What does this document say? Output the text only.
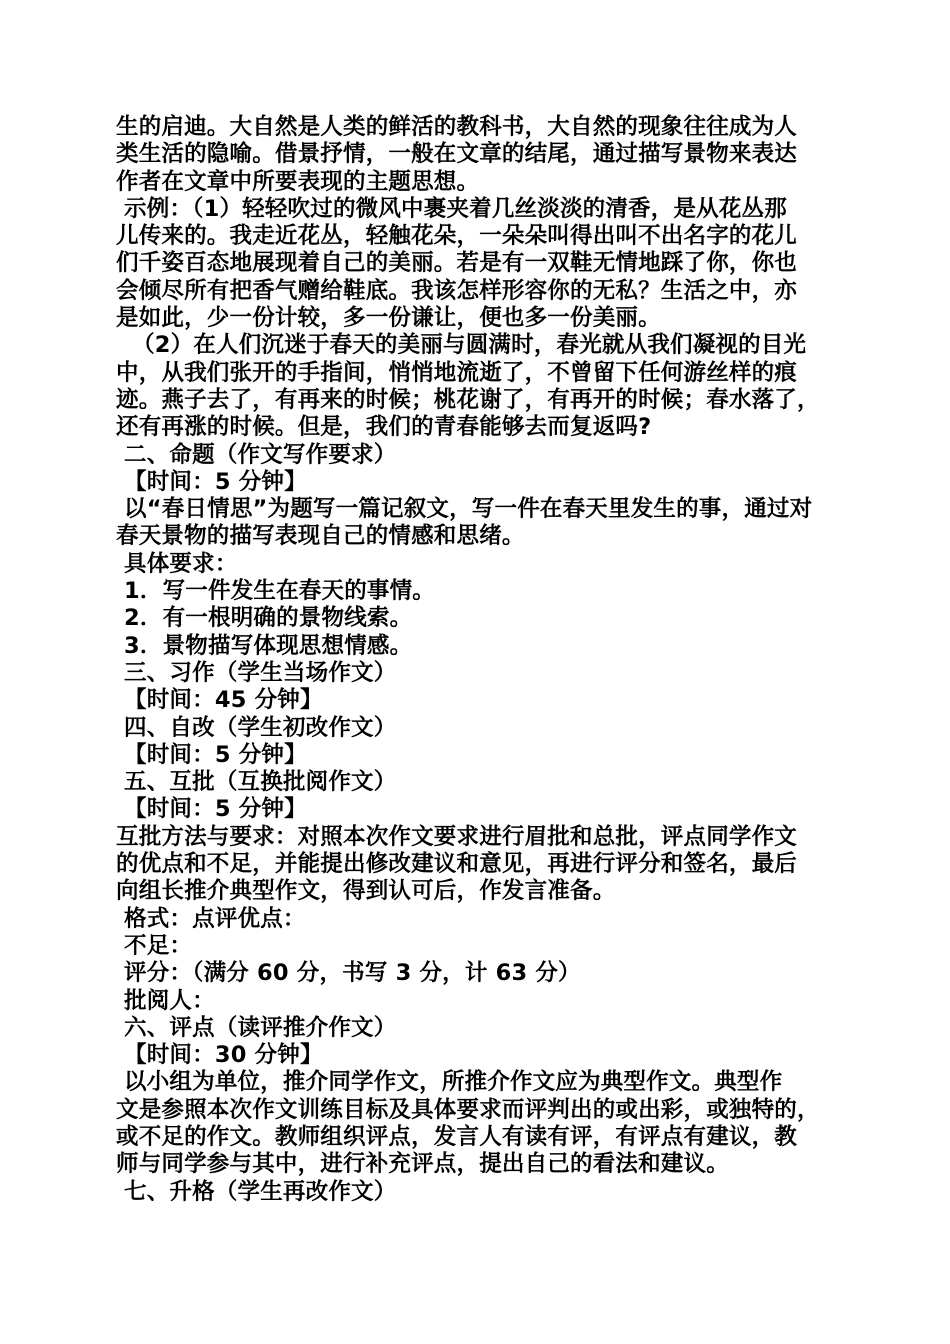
生的启迪。大自然是人类的鲜活的教科书，大自然的现象往往成为人
类生活的隐喻。借景抒情，一般在文章的结尾，通过描写景物来表达
作者在文章中所要表现的主题思想。
示例：（1）轻轻吹过的微风中裹夹着几丝淡淡的清香，是从花丛那
儿传来的。我走近花丛，轻触花朵，一朵朵叫得出叫不出名字的花儿
们千姿百态地展现着自己的美丽。若是有一双鞋无情地踩了你，你也
会倾尽所有把香气赠给鞋底。我该怎样形容你的无私？生活之中，亦
是如此，少一份计较，多一份谦让，便也多一份美丽。
（2）在人们沉迷于春天的美丽与圆满时，春光就从我们凝视的目光
中，从我们张开的手指间，悄悄地流逝了，不曾留下任何游丝样的痕
迹。燕子去了，有再来的时候；桃花谢了，有再开的时候；春水落了，
还有再涨的时候。但是，我们的青春能够去而复返吗?
二、命题（作文写作要求）
【时间：5 分钟】
以“春日情思”为题写一篇记叙文，写一件在春天里发生的事，通过对
春天景物的描写表现自己的情感和思绪。
具体要求：
1．写一件发生在春天的事情。
2．有一根明确的景物线索。
3．景物描写体现思想情感。
三、习作（学生当场作文）
【时间：45 分钟】
四、自改（学生初改作文）
【时间：5 分钟】
五、互批（互换批阅作文）
【时间：5 分钟】
互批方法与要求：对照本次作文要求进行眉批和总批，评点同学作文
的优点和不足，并能提出修改建议和意见，再进行评分和签名，最后
向组长推介典型作文，得到认可后，作发言准备。
格式：点评优点：
不足：
评分：（满分 60 分，书写 3 分，计 63 分）
批阅人：
六、评点（读评推介作文）
【时间：30 分钟】
以小组为单位，推介同学作文，所推介作文应为典型作文。典型作
文是参照本次作文训练目标及具体要求而评判出的或出彩，或独特的，
或不足的作文。教师组织评点，发言人有读有评，有评点有建议，教
师与同学参与其中，进行补充评点，提出自己的看法和建议。
七、升格（学生再改作文）
